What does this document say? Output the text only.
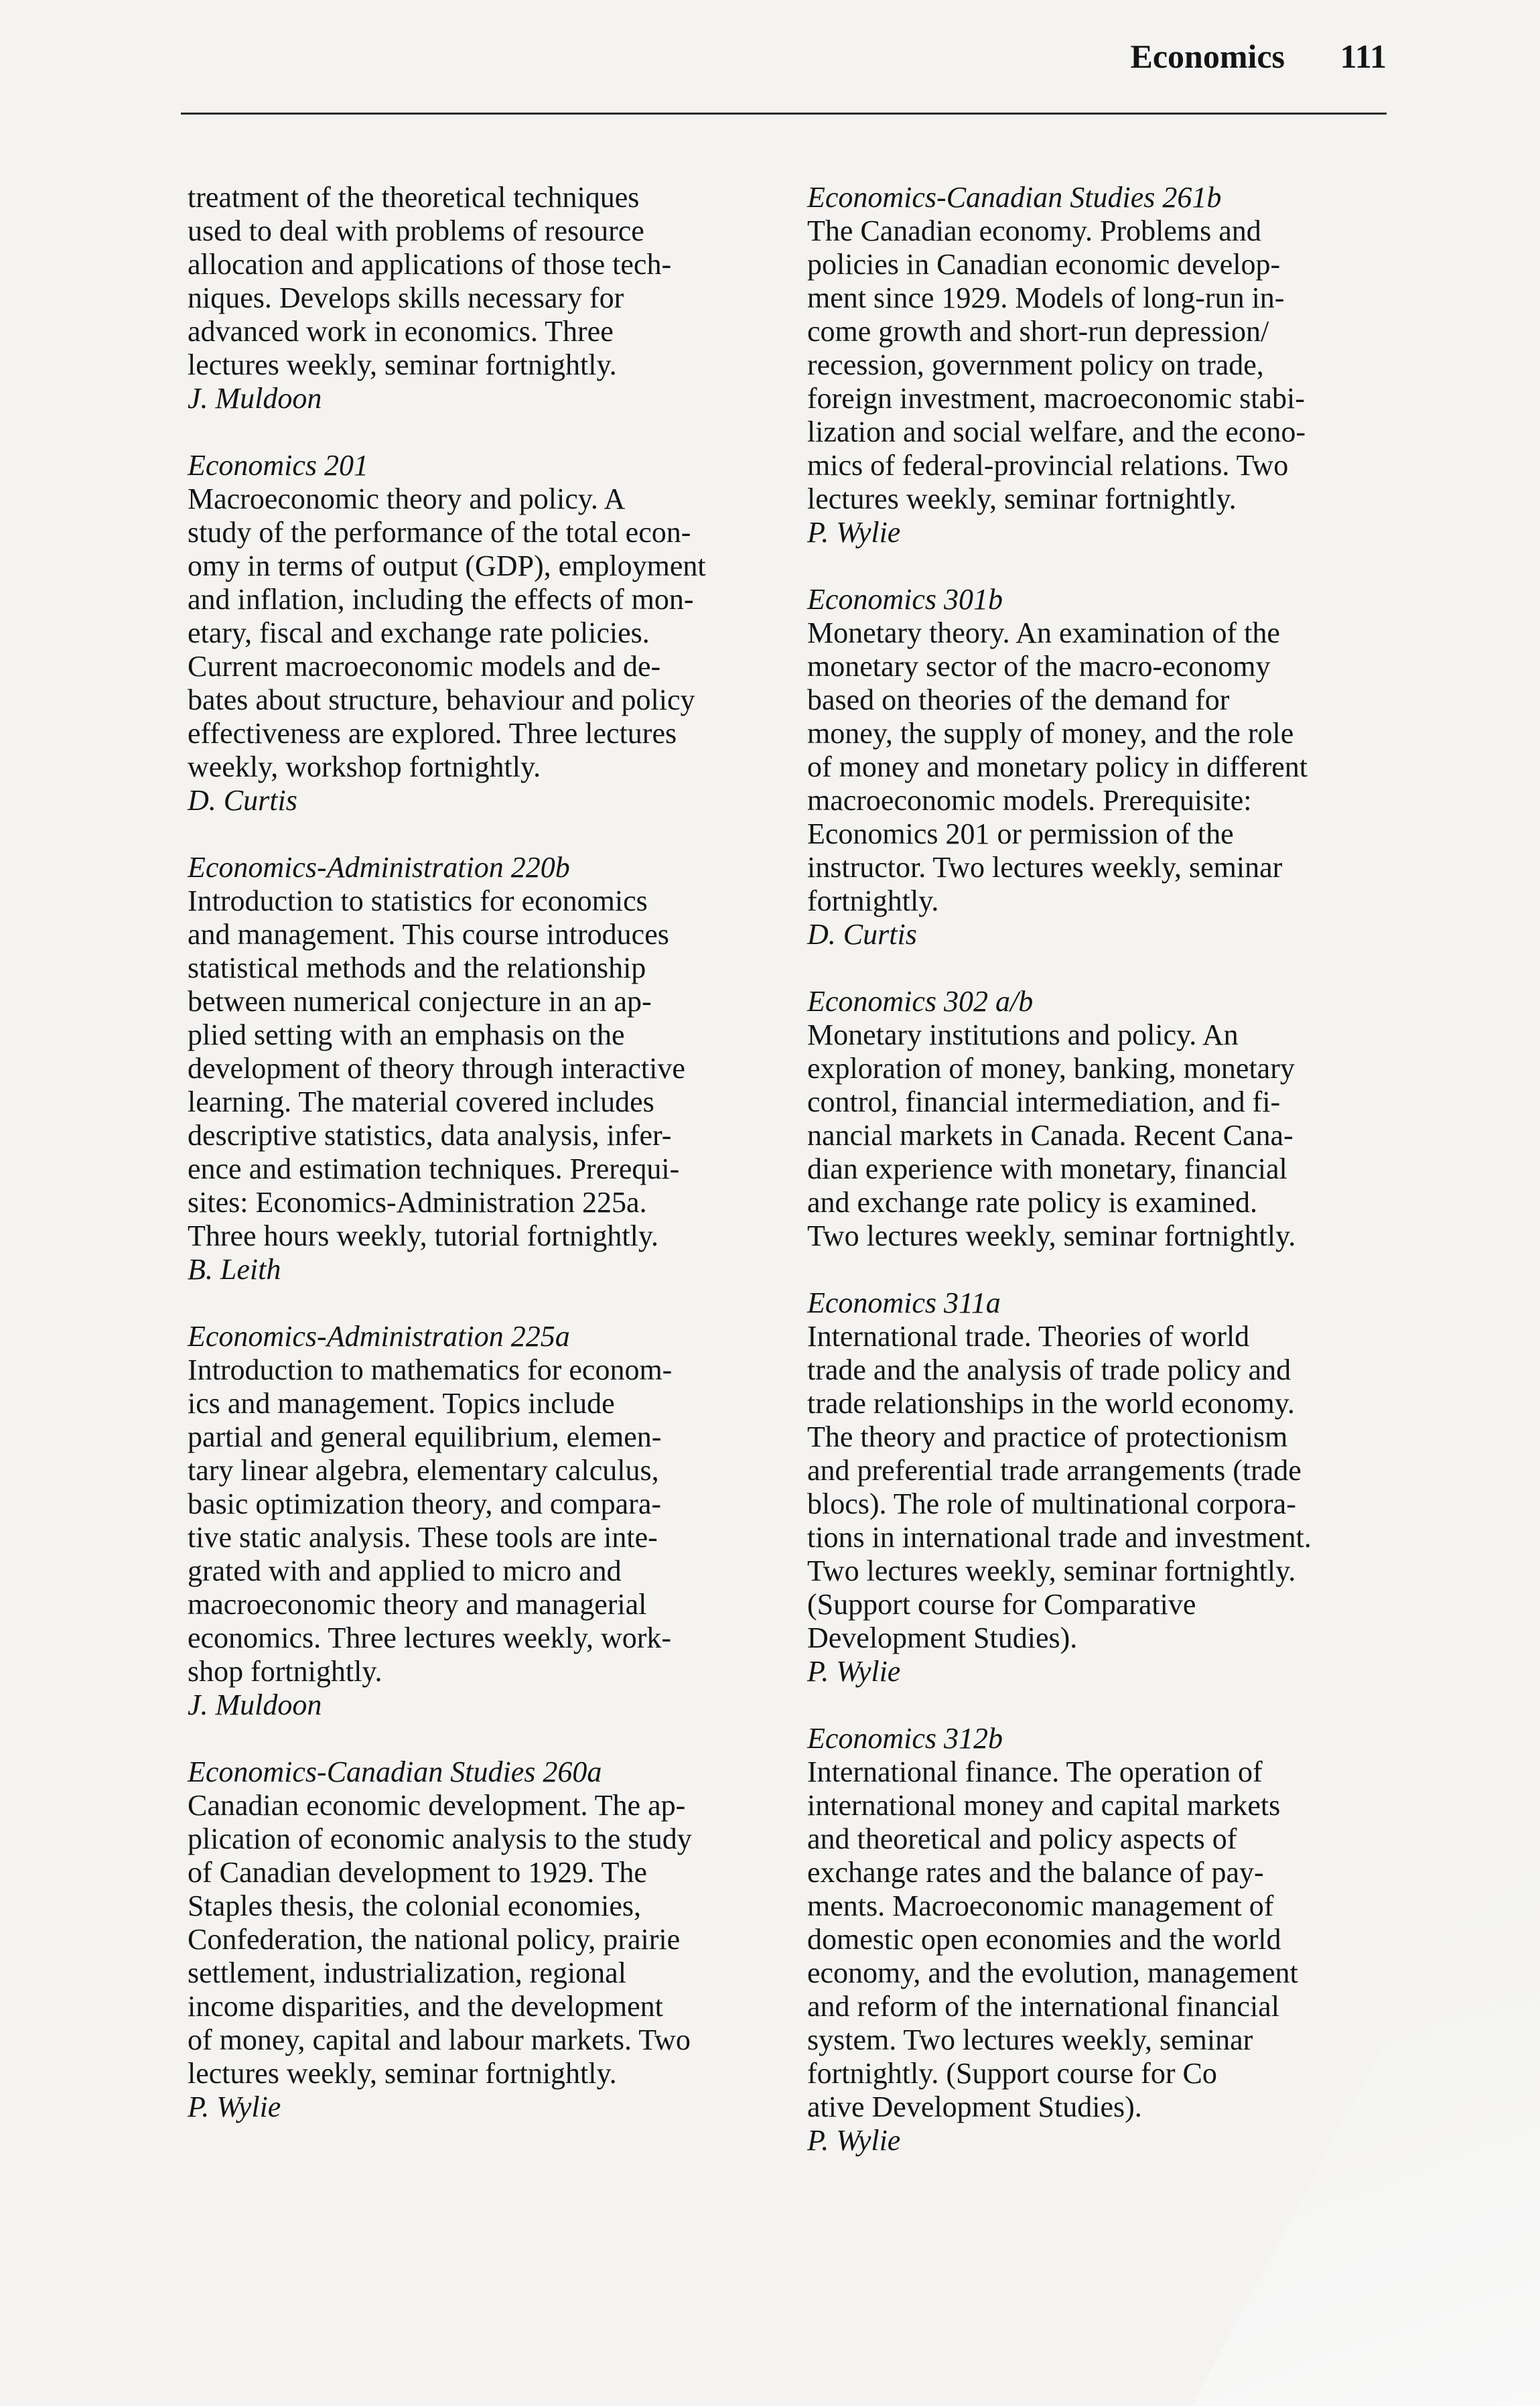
Economics 111
treatment of the theoretical techniques
used to deal with problems of resource
allocation and applications of those tech-
niques. Develops skills necessary for
advanced work in economics. Three
lectures weekly, seminar fortnightly.
J. Muldoon
Economics 201
Macroeconomic theory and policy. A
study of the performance of the total econ-
omy in terms of output (GDP), employment
and inflation, including the effects of mon-
etary, fiscal and exchange rate policies.
Current macroeconomic models and de-
bates about structure, behaviour and policy
effectiveness are explored. Three lectures
weekly, workshop fortnightly.
D. Curtis
Economics-Administration 220b
Introduction to statistics for economics
and management. This course introduces
statistical methods and the relationship
between numerical conjecture in an ap-
plied setting with an emphasis on the
development of theory through interactive
learning. The material covered includes
descriptive statistics, data analysis, infer-
ence and estimation techniques. Prerequi-
sites: Economics-Administration 225a.
Three hours weekly, tutorial fortnightly.
B. Leith
Economics-Administration 225a
Introduction to mathematics for econom-
ics and management. Topics include
partial and general equilibrium, elemen-
tary linear algebra, elementary calculus,
basic optimization theory, and compara-
tive static analysis. These tools are inte-
grated with and applied to micro and
macroeconomic theory and managerial
economics. Three lectures weekly, work-
shop fortnightly.
J. Muldoon
Economics-Canadian Studies 260a
Canadian economic development. The ap-
plication of economic analysis to the study
of Canadian development to 1929. The
Staples thesis, the colonial economies,
Confederation, the national policy, prairie
settlement, industrialization, regional
income disparities, and the development
of money, capital and labour markets. Two
lectures weekly, seminar fortnightly.
P. Wylie
Economics-Canadian Studies 261b
The Canadian economy. Problems and
policies in Canadian economic develop-
ment since 1929. Models of long-run in-
come growth and short-run depression/
recession, government policy on trade,
foreign investment, macroeconomic stabi-
lization and social welfare, and the econo-
mics of federal-provincial relations. Two
lectures weekly, seminar fortnightly.
P. Wylie
Economics 301b
Monetary theory. An examination of the
monetary sector of the macro-economy
based on theories of the demand for
money, the supply of money, and the role
of money and monetary policy in different
macroeconomic models. Prerequisite:
Economics 201 or permission of the
instructor. Two lectures weekly, seminar
fortnightly.
D. Curtis
Economics 302 a/b
Monetary institutions and policy. An
exploration of money, banking, monetary
control, financial intermediation, and fi-
nancial markets in Canada. Recent Cana-
dian experience with monetary, financial
and exchange rate policy is examined.
Two lectures weekly, seminar fortnightly.
Economics 311a
International trade. Theories of world
trade and the analysis of trade policy and
trade relationships in the world economy.
The theory and practice of protectionism
and preferential trade arrangements (trade
blocs). The role of multinational corpora-
tions in international trade and investment.
Two lectures weekly, seminar fortnightly.
(Support course for Comparative
Development Studies).
P. Wylie
Economics 312b
International finance. The operation of
international money and capital markets
and theoretical and policy aspects of
exchange rates and the balance of pay-
ments. Macroeconomic management of
domestic open economies and the world
economy, and the evolution, management
and reform of the international financial
system. Two lectures weekly, seminar
fortnightly. (Support course for Co
ative Development Studies).
P. Wylie
